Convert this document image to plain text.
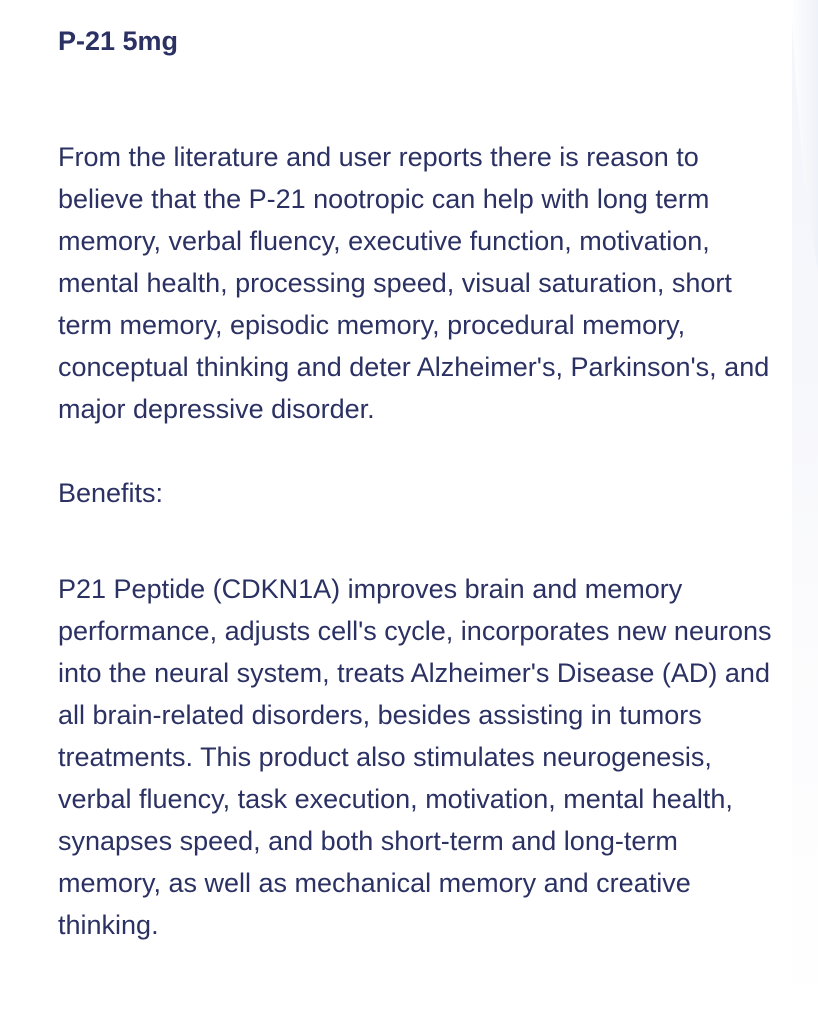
P-21 5mg

From the literature and user reports there is reason to believe that the P-21 nootropic can help with long term memory, verbal fluency, executive function, motivation, mental health, processing speed, visual saturation, short term memory, episodic memory, procedural memory, conceptual thinking and deter Alzheimer's, Parkinson's, and major depressive disorder.

Benefits:

P21 Peptide (CDKN1A) improves brain and memory performance, adjusts cell's cycle, incorporates new neurons into the neural system, treats Alzheimer's Disease (AD) and all brain-related disorders, besides assisting in tumors treatments. This product also stimulates neurogenesis, verbal fluency, task execution, motivation, mental health, synapses speed, and both short-term and long-term memory, as well as mechanical memory and creative thinking.
